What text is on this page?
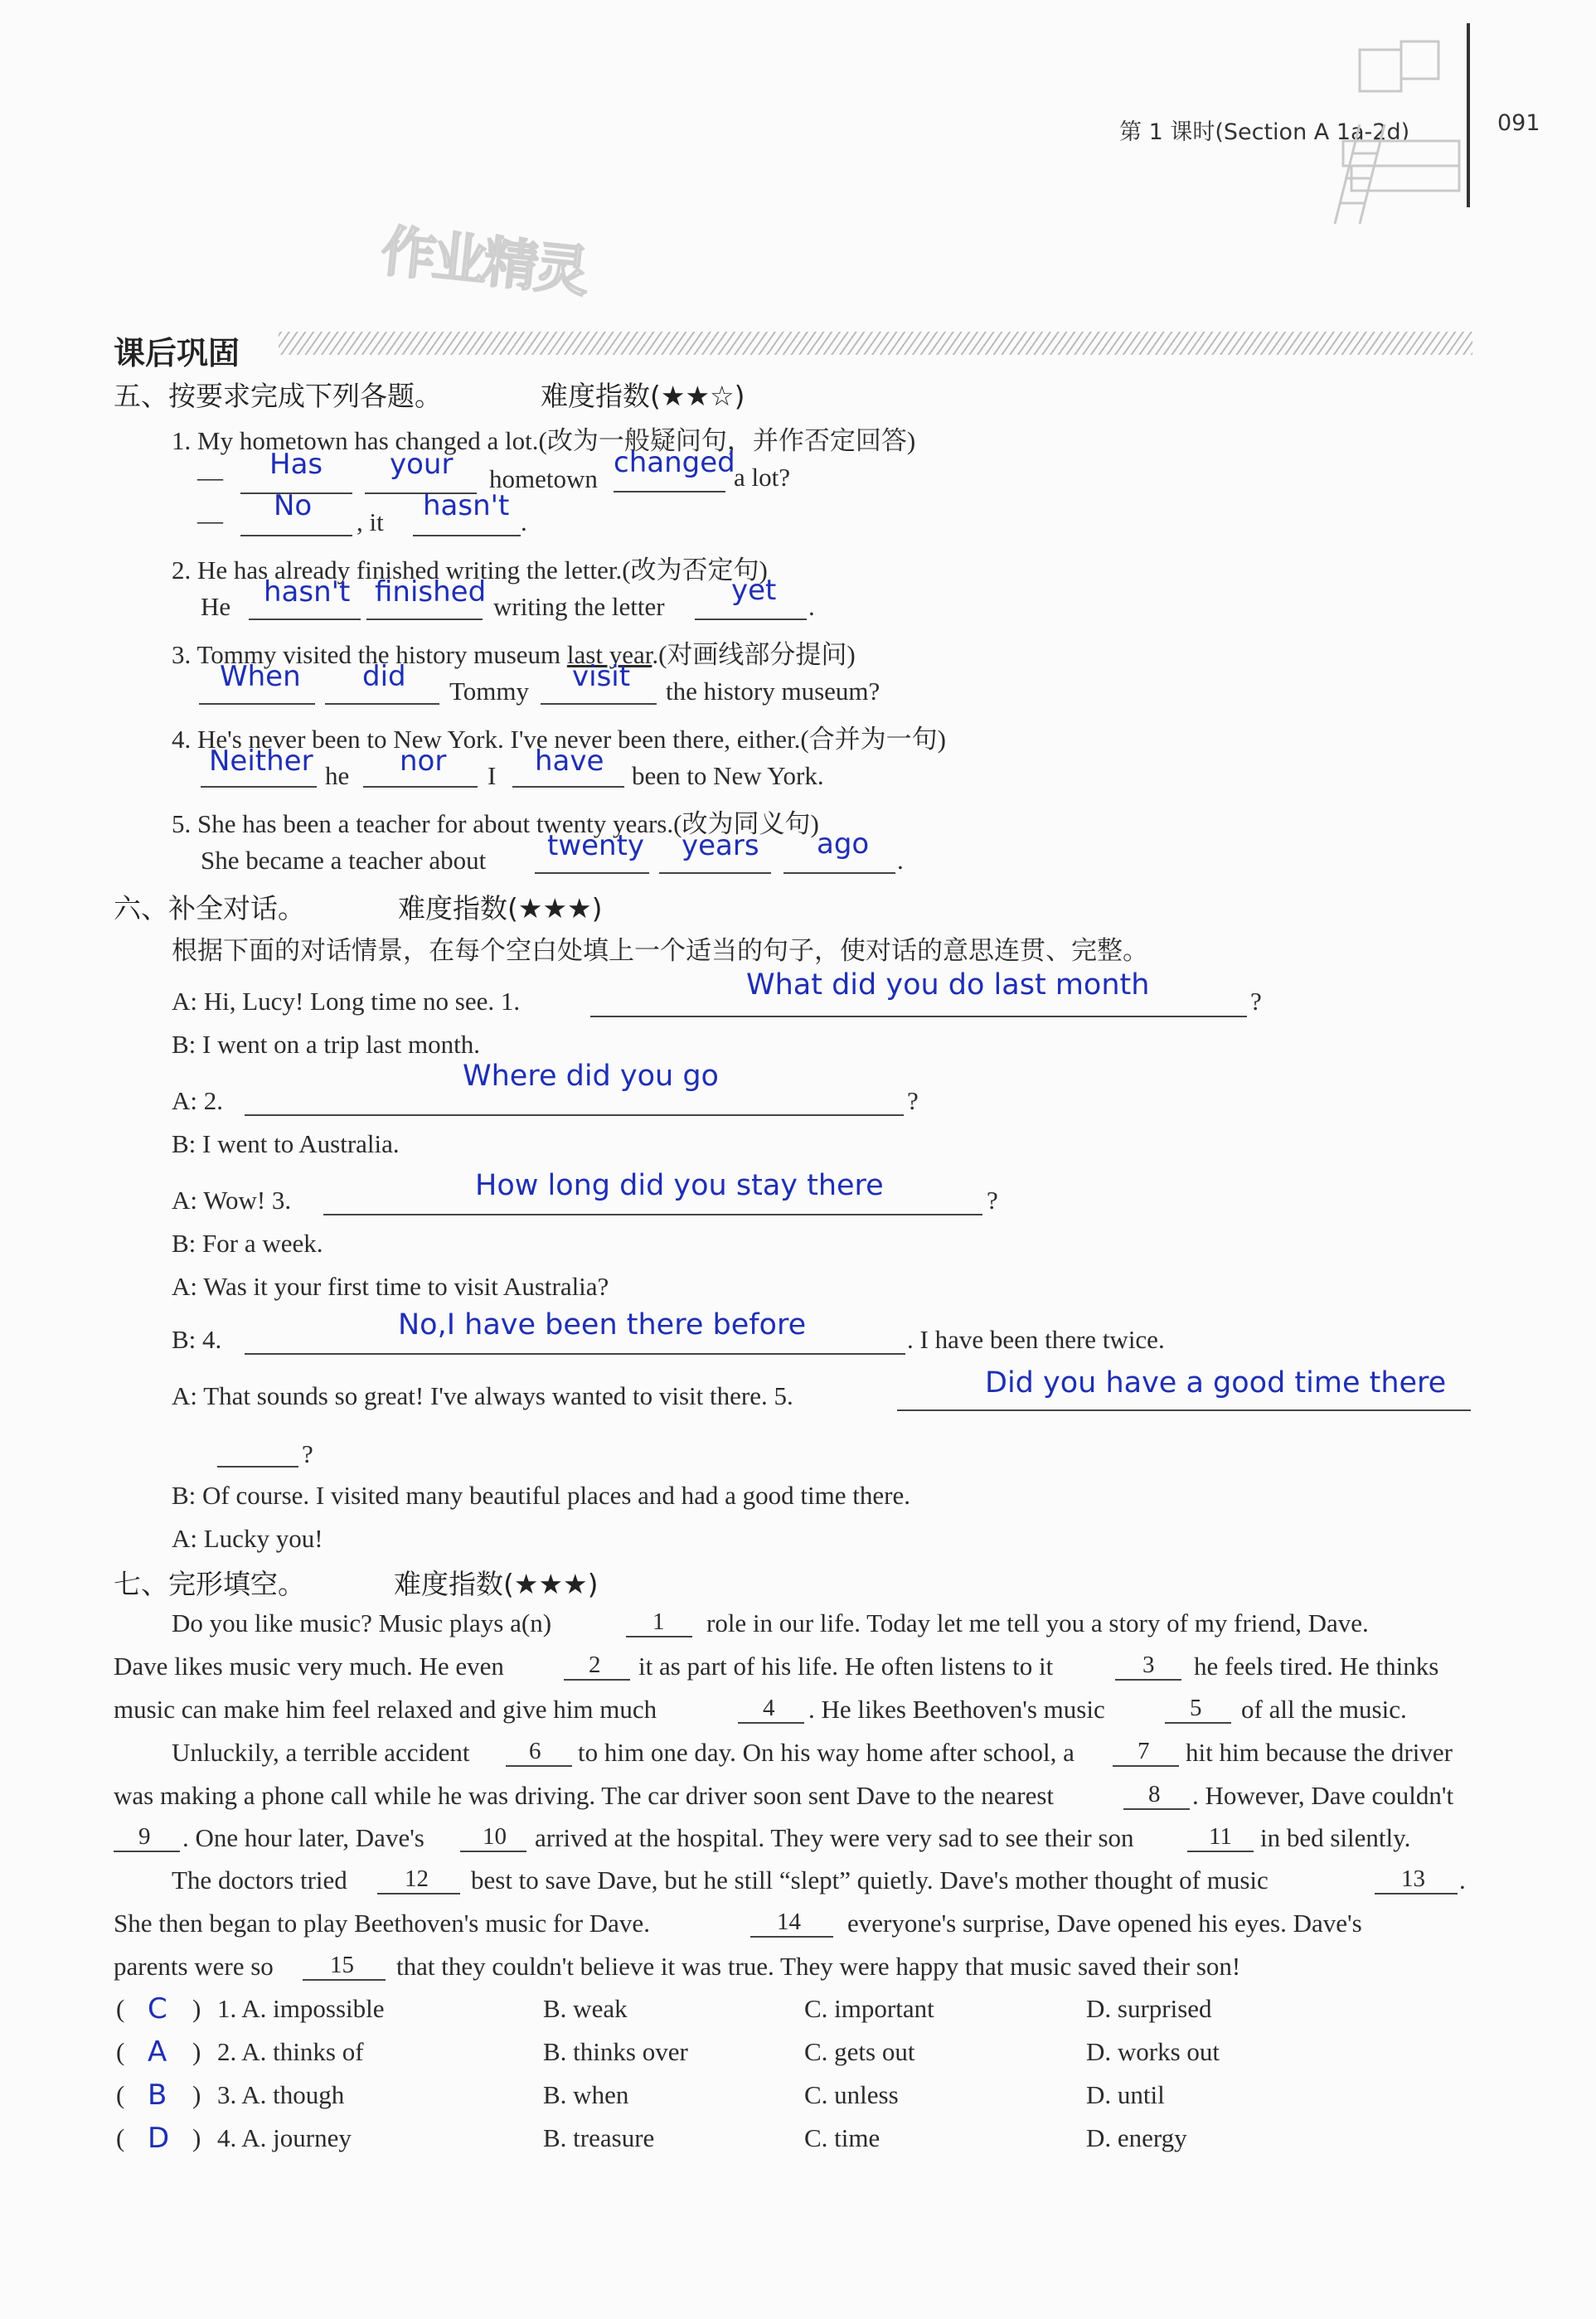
第 1 课时(Section A 1a-2d)	091
作业精灵
课后巩固
五、按要求完成下列各题。	难度指数(★★☆)
1. My hometown has changed a lot.(改为一般疑问句，并作否定回答)
— Has your hometown changed
a lot?
— No , it hasn't .
2. He has already finished writing the letter.(改为否定句)
He hasn't finished writing the letter yet .
3. Tommy visited the history museum last year.(对画线部分提问)
When did Tommy visit the history museum?
4. He's never been to New York. I've never been there, either.(合并为一句)
Neither he nor I have been to New York.
5. She has been a teacher for about twenty years.(改为同义句)
She became a teacher about twenty years ago .
六、补全对话。	难度指数(★★★)
根据下面的对话情景，在每个空白处填上一个适当的句子，使对话的意思连贯、完整。
A: Hi, Lucy! Long time no see. 1.	What did you do last month	?
B: I went on a trip last month.
A: 2.
Where did you go
?
B: I went to Australia.
A: Wow! 3.	How long did you stay there	?
B: For a week.
A: Was it your first time to visit Australia?
B: 4.	No,I have been there before	. I have been there twice.
A: That sounds so great! I've always wanted to visit there. 5.	Did you have a good time there
?
B: Of course. I visited many beautiful places and had a good time there.
A: Lucky you!
七、完形填空。	难度指数(★★★)
Do you like music? Music plays a(n)	1 role in our life. Today let me tell you a story of my friend, Dave.
Dave likes music very much. He even	2 it as part of his life. He often listens to it	3 he feels tired. He thinks
music can make him feel relaxed and give him much	4 . He likes Beethoven's music	5 of all the music.
Unluckily, a terrible accident 6 to him one day. On his way home after school, a	7 hit him because the driver
was making a phone call while he was driving. The car driver soon sent Dave to the nearest	8 . However, Dave couldn't
9 . One hour later, Dave's 10 arrived at the hospital. They were very sad to see their son	11 in bed silently.
The doctors tried 12 best to save Dave, but he still “slept” quietly. Dave's mother thought of music	13 .
She then began to play Beethoven's music for Dave.	14 everyone's surprise, Dave opened his eyes. Dave's
parents were so 15 that they couldn't believe it was true. They were happy that music saved their son!
( C ) 1. A. impossible	B. weak	C. important	D. surprised
( A ) 2. A. thinks of	B. thinks over	C. gets out	D. works out
( B ) 3. A. though	B. when	C. unless	D. until
( D ) 4. A. journey	B. treasure	C. time	D. energy
